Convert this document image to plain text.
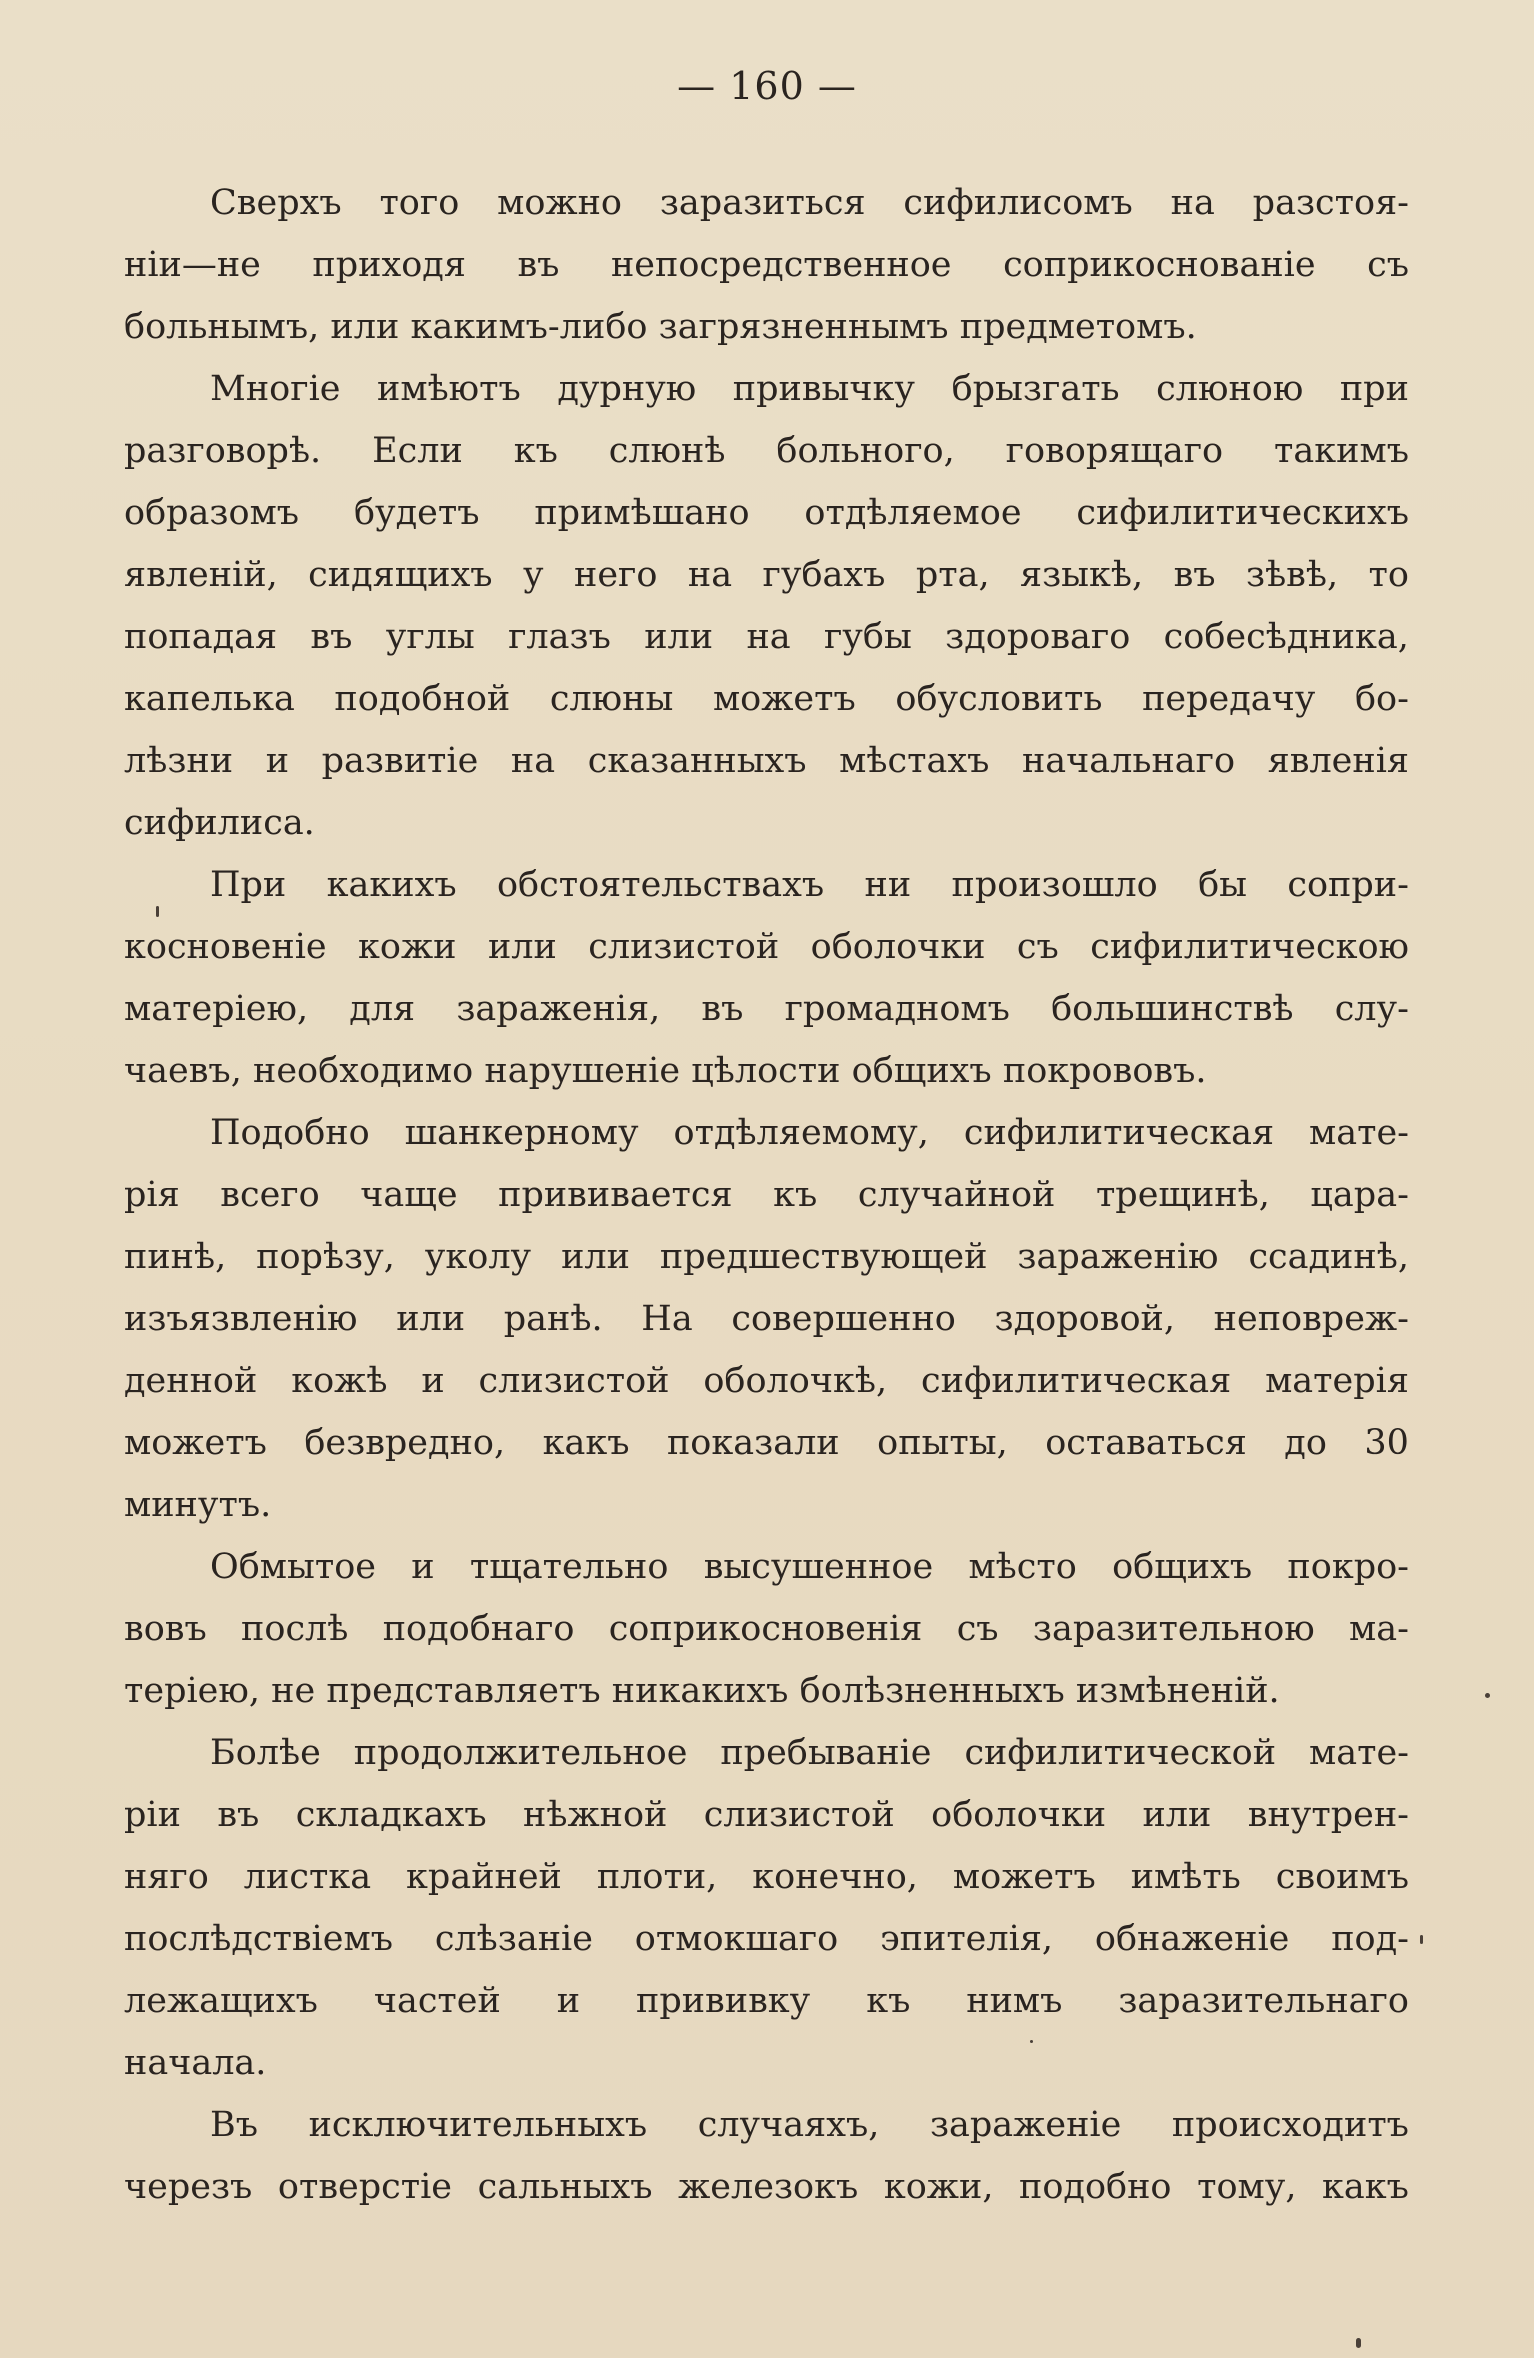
— 160 —
Сверхъ того можно заразиться сифилисомъ на разстоя-
ніи—не приходя въ непосредственное соприкосновaніе съ
больнымъ, или какимъ-либо загрязненнымъ предметомъ.
Многіе имѣютъ дурную привычку брызгать слюною при
разговорѣ. Если къ слюнѣ больного, говорящаго такимъ
образомъ будетъ примѣшано отдѣляемое сифилитическихъ
явленій, сидящихъ у него на губахъ рта, языкѣ, въ зѣвѣ, то
попадая въ углы глазъ или на губы здороваго собесѣдника,
капелька подобной слюны можетъ обусловить передачу бо-
лѣзни и развитіе на сказанныхъ мѣстахъ начальнаго явленія
сифилиса.
При какихъ обстоятельствахъ ни произошло бы сопри-
косновеніе кожи или слизистой оболочки съ сифилитическою
матеріею, для зараженія, въ громадномъ большинствѣ слу-
чаевъ, необходимо нарушеніе цѣлости общихъ покрововъ.
Подобно шанкерному отдѣляемому, сифилитическая мате-
рія всего чаще прививается къ случайной трещинѣ, цара-
пинѣ, порѣзу, уколу или предшествующей зараженію ссадинѣ,
изъязвленію или ранѣ. На совершенно здоровой, неповреж-
денной кожѣ и слизистой оболочкѣ, сифилитическая матерія
можетъ безвредно, какъ показали опыты, оставаться до 30
минутъ.
Обмытое и тщательно высушенное мѣсто общихъ покро-
вовъ послѣ подобнаго соприкосновенія съ заразительною ма-
теріею, не представляетъ никакихъ болѣзненныхъ измѣненій.
Болѣе продолжительное пребываніе сифилитической мате-
ріи въ складкахъ нѣжной слизистой оболочки или внутрен-
няго листка крайней плоти, конечно, можетъ имѣть своимъ
послѣдствіемъ слѣзаніе отмокшаго эпителія, обнаженіе под-
лежащихъ частей и прививку къ нимъ заразительнаго
начала.
Въ исключительныхъ случаяхъ, зараженіе происходитъ
черезъ отверстіе сальныхъ железокъ кожи, подобно тому, какъ
